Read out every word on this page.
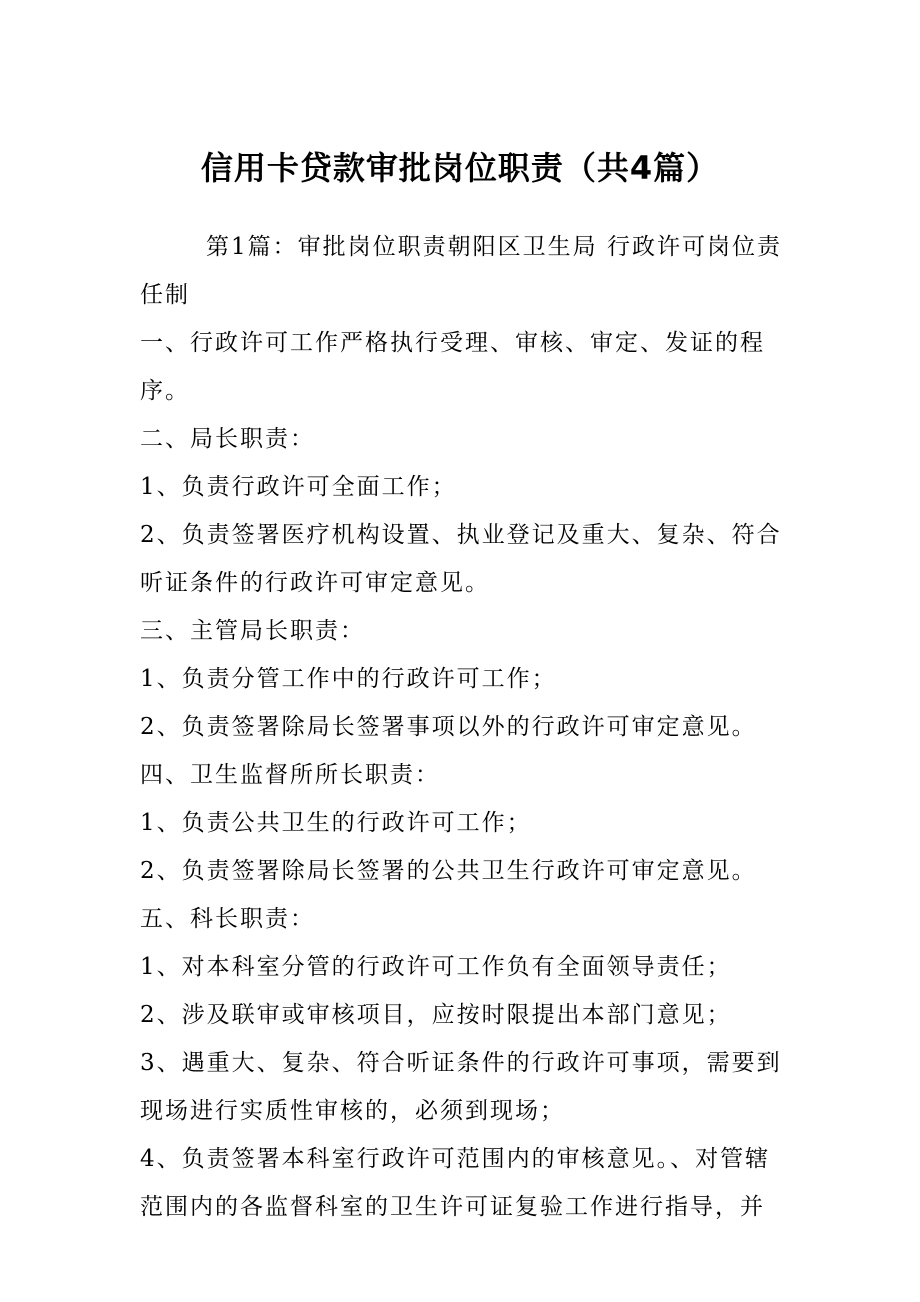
信用卡贷款审批岗位职责（共4篇）

第1篇：审批岗位职责朝阳区卫生局 行政许可岗位责任制

一、行政许可工作严格执行受理、审核、审定、发证的程序。

二、局长职责：

1、负责行政许可全面工作；

2、负责签署医疗机构设置、执业登记及重大、复杂、符合听证条件的行政许可审定意见。

三、主管局长职责：

1、负责分管工作中的行政许可工作；

2、负责签署除局长签署事项以外的行政许可审定意见。

四、卫生监督所所长职责：

1、负责公共卫生的行政许可工作；

2、负责签署除局长签署的公共卫生行政许可审定意见。

五、科长职责：

1、对本科室分管的行政许可工作负有全面领导责任；

2、涉及联审或审核项目，应按时限提出本部门意见；

3、遇重大、复杂、符合听证条件的行政许可事项，需要到现场进行实质性审核的，必须到现场；

4、负责签署本科室行政许可范围内的审核意见。、对管辖范围内的各监督科室的卫生许可证复验工作进行指导，并
